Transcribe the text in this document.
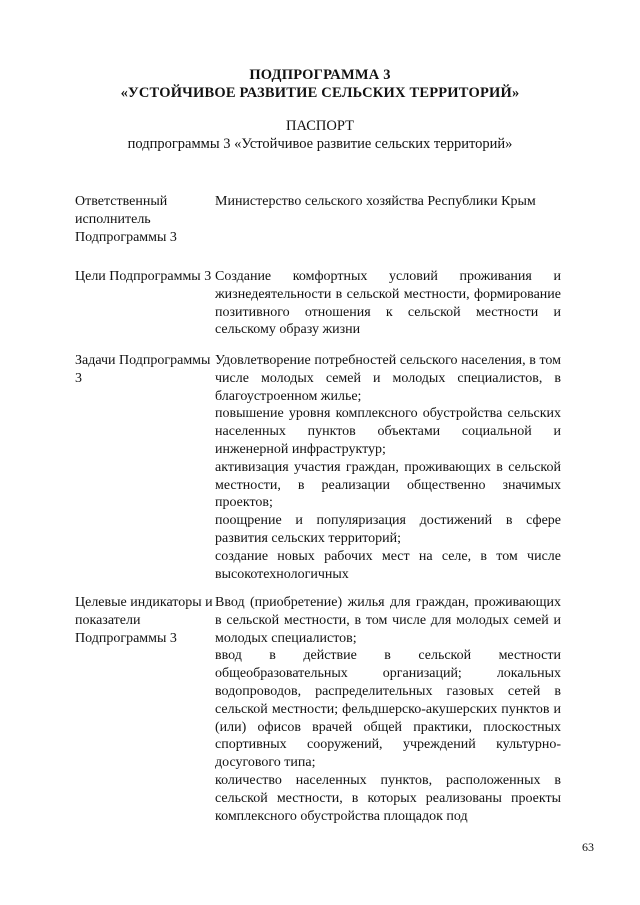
ПОДПРОГРАММА 3
«УСТОЙЧИВОЕ РАЗВИТИЕ СЕЛЬСКИХ ТЕРРИТОРИЙ»
ПАСПОРТ
подпрограммы 3 «Устойчивое развитие сельских территорий»
Ответственный исполнитель Подпрограммы 3

Министерство сельского хозяйства Республики Крым

Цели Подпрограммы 3 Создание комфортных условий проживания и жизнедеятельности в сельской местности, формирование позитивного отношения к сельской местности и сельскому образу жизни

Задачи Подпрограммы 3

Удовлетворение потребностей сельского населения, в том числе молодых семей и молодых специалистов, в благоустроенном жилье;

повышение уровня комплексного обустройства сельских населенных пунктов объектами социальной и инженерной инфраструктур;

активизация участия граждан, проживающих в сельской местности, в реализации общественно значимых проектов;

поощрение и популяризация достижений в сфере развития сельских территорий;

создание новых рабочих мест на селе, в том числе высокотехнологичных

Целевые индикаторы и показатели Подпрограммы 3

Ввод (приобретение) жилья для граждан, проживающих в сельской местности, в том числе для молодых семей и молодых специалистов;

ввод в действие в сельской местности общеобразовательных организаций; локальных водопроводов, распределительных газовых сетей в сельской местности; фельдшерско-акушерских пунктов и (или) офисов врачей общей практики, плоскостных спортивных сооружений, учреждений культурно-досугового типа;

количество населенных пунктов, расположенных в сельской местности, в которых реализованы проекты комплексного обустройства площадок под

63
